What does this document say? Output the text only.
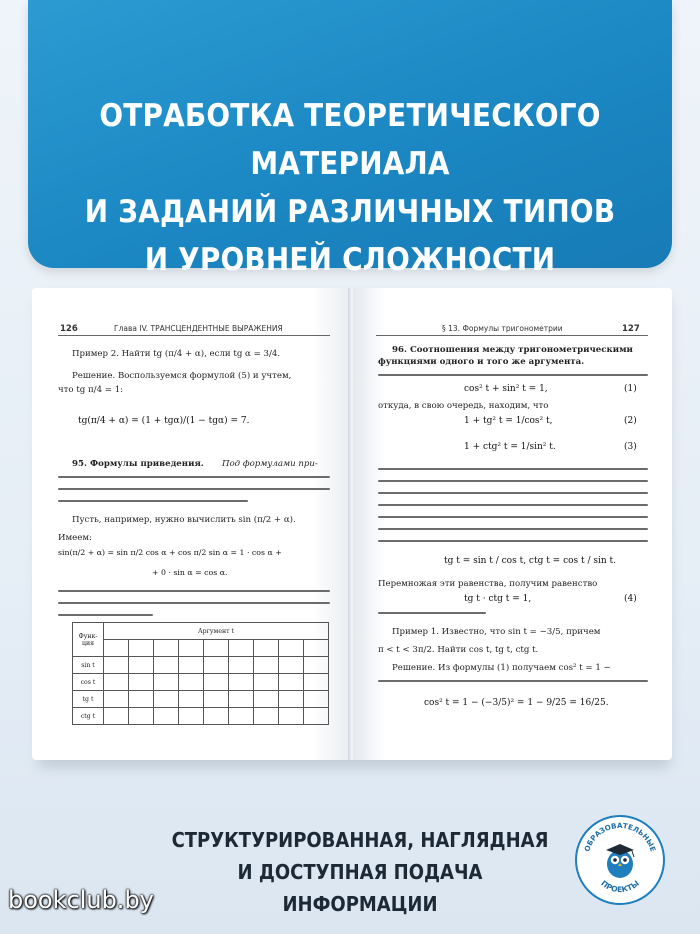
ОТРАБОТКА ТЕОРЕТИЧЕСКОГО МАТЕРИАЛА
И ЗАДАНИЙ РАЗЛИЧНЫХ ТИПОВ
И УРОВНЕЙ СЛОЖНОСТИ
126	Глава IV. ТРАНСЦЕНДЕНТНЫЕ ВЫРАЖЕНИЯ
Пример 2. Найти tg (π/4 + α), если tg α = 3/4.
Решение. Воспользуемся формулой (5) и учтем,
что tg π/4 = 1:
tg(π/4 + α) = (1 + tgα)/(1 − tgα) = 7.
95. Формулы приведения.	Под формулами при-
Пусть, например, нужно вычислить sin (π/2 + α).
Имеем:
sin(π/2 + α) = sin π/2 cos α + cos π/2 sin α = 1 · cos α +
+ 0 · sin α = cos α.
Функ-ция	Аргумент t								

sin t									
cos t									
tg t									
ctg t									
§ 13. Формулы тригонометрии	127
96. Соотношения между тригонометрическими
функциями одного и того же аргумента.
cos² t + sin² t = 1,	(1)
откуда, в свою очередь, находим, что
1 + tg² t = 1/cos² t,	(2)
1 + ctg² t = 1/sin² t.	(3)
tg t = sin t / cos t, ctg t = cos t / sin t.
Перемножая эти равенства, получим равенство
tg t · ctg t = 1,	(4)
Пример 1. Известно, что sin t = −3/5, причем
π < t < 3π/2. Найти cos t, tg t, ctg t.
Решение. Из формулы (1) получаем cos² t = 1 −
cos² t = 1 − (−3/5)² = 1 − 9/25 = 16/25.
СТРУКТУРИРОВАННАЯ, НАГЛЯДНАЯ
И ДОСТУПНАЯ ПОДАЧА ИНФОРМАЦИИ
bookclub.by
ОБРАЗОВАТЕЛЬНЫЕ
ПРОЕКТЫ
